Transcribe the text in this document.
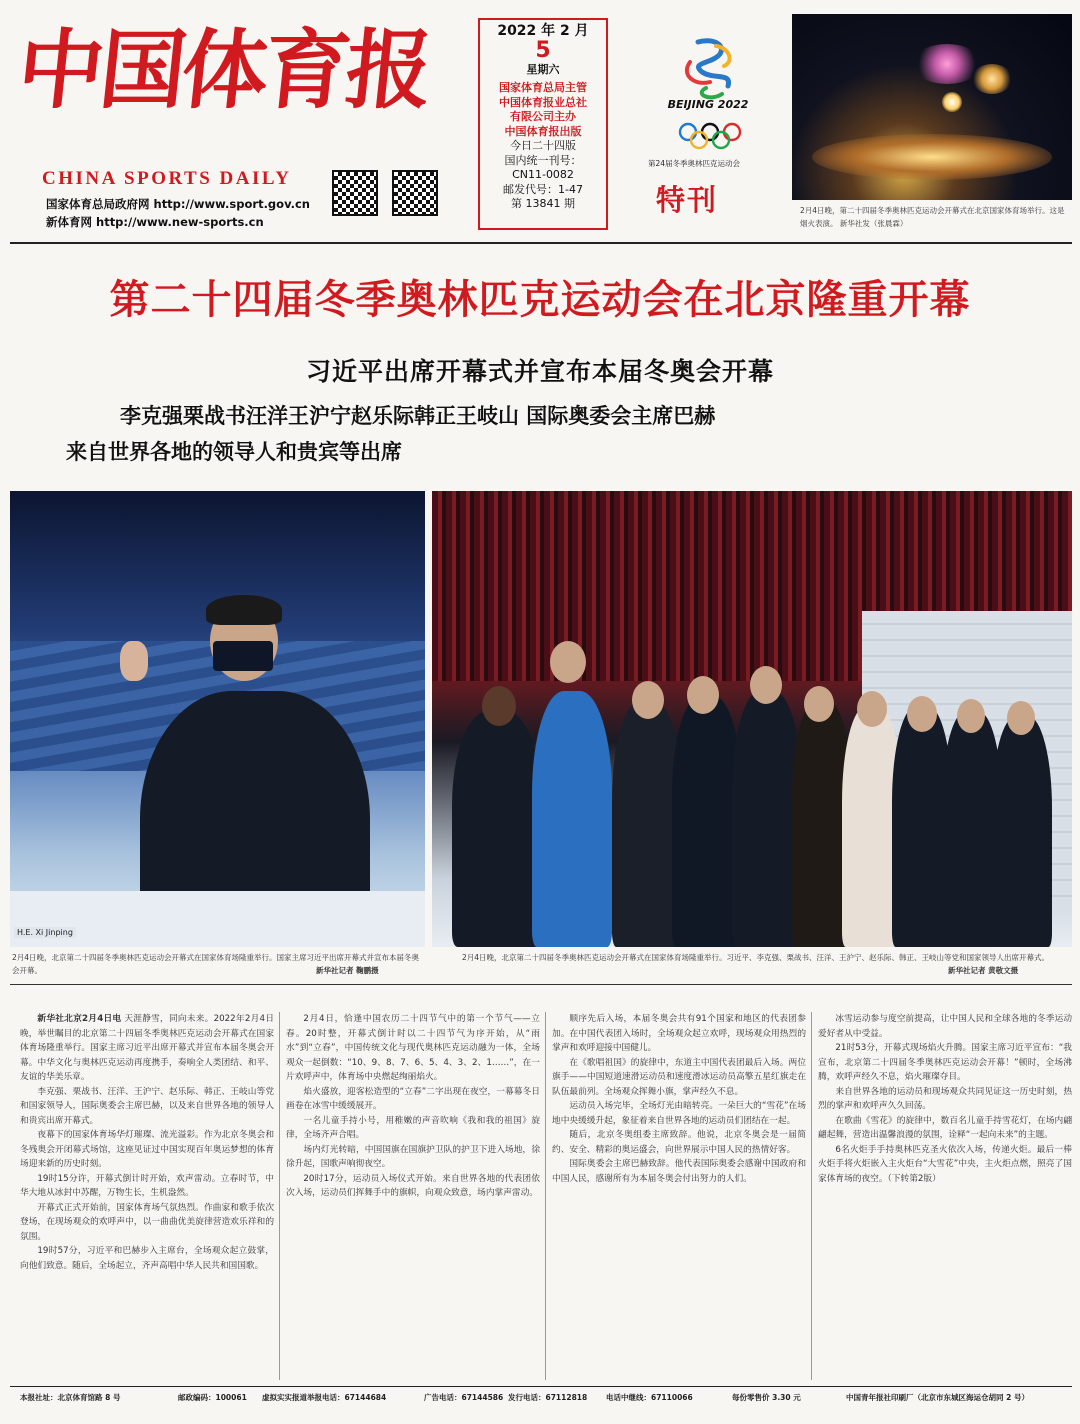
中国体育报
CHINA SPORTS DAILY
国家体育总局政府网 http://www.sport.gov.cn
新体育网 http://www.new-sports.cn
2022 年 2 月
5
星期六
国家体育总局主管
中国体育报业总社
有限公司主办
中国体育报出版
今日二十四版
国内统一刊号：
CN11-0082
邮发代号：1-47
第 13841 期
BEIJING 2022
第24届冬季奥林匹克运动会
特刊	2月4日晚，第二十四届冬季奥林匹克运动会开幕式在北京国家体育场举行。这是烟火表演。 新华社发（张晨霖）
第二十四届冬季奥林匹克运动会在北京隆重开幕
习近平出席开幕式并宣布本届冬奥会开幕
李克强栗战书汪洋王沪宁赵乐际韩正王岐山 国际奥委会主席巴赫
来自世界各地的领导人和贵宾等出席
H.E. Xi Jinping
2月4日晚，北京第二十四届冬季奥林匹克运动会开幕式在国家体育场隆重举行。国家主席习近平出席开幕式并宣布本届冬奥会开幕。	新华社记者 鞠鹏摄
2月4日晚，北京第二十四届冬季奥林匹克运动会开幕式在国家体育场隆重举行。习近平、李克强、栗战书、汪洋、王沪宁、赵乐际、韩正、王岐山等党和国家领导人出席开幕式。
新华社记者 黄敬文摄

新华社北京2月4日电 天涯静雪，同向未来。2022年2月4日晚，举世瞩目的北京第二十四届冬季奥林匹克运动会开幕式在国家体育场隆重举行。国家主席习近平出席开幕式并宣布本届冬奥会开幕。中华文化与奥林匹克运动再度携手，奏响全人类团结、和平、友谊的华美乐章。

李克强、栗战书、汪洋、王沪宁、赵乐际、韩正、王岐山等党和国家领导人，国际奥委会主席巴赫，以及来自世界各地的领导人和贵宾出席开幕式。

夜幕下的国家体育场华灯璀璨、流光溢彩。作为北京冬奥会和冬残奥会开闭幕式场馆，这座见证过中国实现百年奥运梦想的体育场迎来新的历史时刻。

19时15分许，开幕式倒计时开始，欢声雷动。立春时节，中华大地从冰封中苏醒，万物生长，生机盎然。

开幕式正式开始前，国家体育场气氛热烈。作曲家和歌手依次登场，在现场观众的欢呼声中，以一曲曲优美旋律营造欢乐祥和的氛围。

19时57分，习近平和巴赫步入主席台，全场观众起立鼓掌，向他们致意。随后，全场起立，齐声高唱中华人民共和国国歌。

2月4日，恰逢中国农历二十四节气中的第一个节气——立春。20时整，开幕式倒计时以二十四节气为序开始，从“雨水”到“立春”，中国传统文化与现代奥林匹克运动融为一体，全场观众一起倒数：“10、9、8、7、6、5、4、3、2、1……”，在一片欢呼声中，体育场中央燃起绚丽焰火。

焰火盛放，迎客松造型的“立春”二字出现在夜空，一幕幕冬日画卷在冰雪中缓缓展开。

一名儿童手持小号，用稚嫩的声音吹响《我和我的祖国》旋律，全场齐声合唱。

场内灯光转暗，中国国旗在国旗护卫队的护卫下进入场地，徐徐升起，国歌声响彻夜空。

20时17分，运动员入场仪式开始。来自世界各地的代表团依次入场，运动员们挥舞手中的旗帜，向观众致意，场内掌声雷动。

顺序先后入场，本届冬奥会共有91个国家和地区的代表团参加。在中国代表团入场时，全场观众起立欢呼，现场观众用热烈的掌声和欢呼迎接中国健儿。

在《歌唱祖国》的旋律中，东道主中国代表团最后入场。两位旗手——中国短道速滑运动员和速度滑冰运动员高擎五星红旗走在队伍最前列。全场观众挥舞小旗，掌声经久不息。

运动员入场完毕，全场灯光由暗转亮。一朵巨大的“雪花”在场地中央缓缓升起，象征着来自世界各地的运动员们团结在一起。

随后，北京冬奥组委主席致辞。他说，北京冬奥会是一届简约、安全、精彩的奥运盛会，向世界展示中国人民的热情好客。

国际奥委会主席巴赫致辞。他代表国际奥委会感谢中国政府和中国人民，感谢所有为本届冬奥会付出努力的人们。

冰雪运动参与度空前提高，让中国人民和全球各地的冬季运动爱好者从中受益。

21时53分，开幕式现场焰火升腾。国家主席习近平宣布：“我宣布，北京第二十四届冬季奥林匹克运动会开幕！”顿时，全场沸腾，欢呼声经久不息，焰火璀璨夺目。

来自世界各地的运动员和现场观众共同见证这一历史时刻，热烈的掌声和欢呼声久久回荡。

在歌曲《雪花》的旋律中，数百名儿童手持雪花灯，在场内翩翩起舞，营造出温馨浪漫的氛围，诠释“一起向未来”的主题。

6名火炬手手持奥林匹克圣火依次入场，传递火炬。最后一棒火炬手将火炬嵌入主火炬台“大雪花”中央，主火炬点燃，照亮了国家体育场的夜空。（下转第2版）

本报社址：北京体育馆路 8 号	邮政编码：100061 虚拟实实报道举报电话：67144684	广告电话：67144586 发行电话：67112818	电话中继线：67110066	每份零售价 3.30 元	中国青年报社印刷厂（北京市东城区海运仓胡同 2 号）
